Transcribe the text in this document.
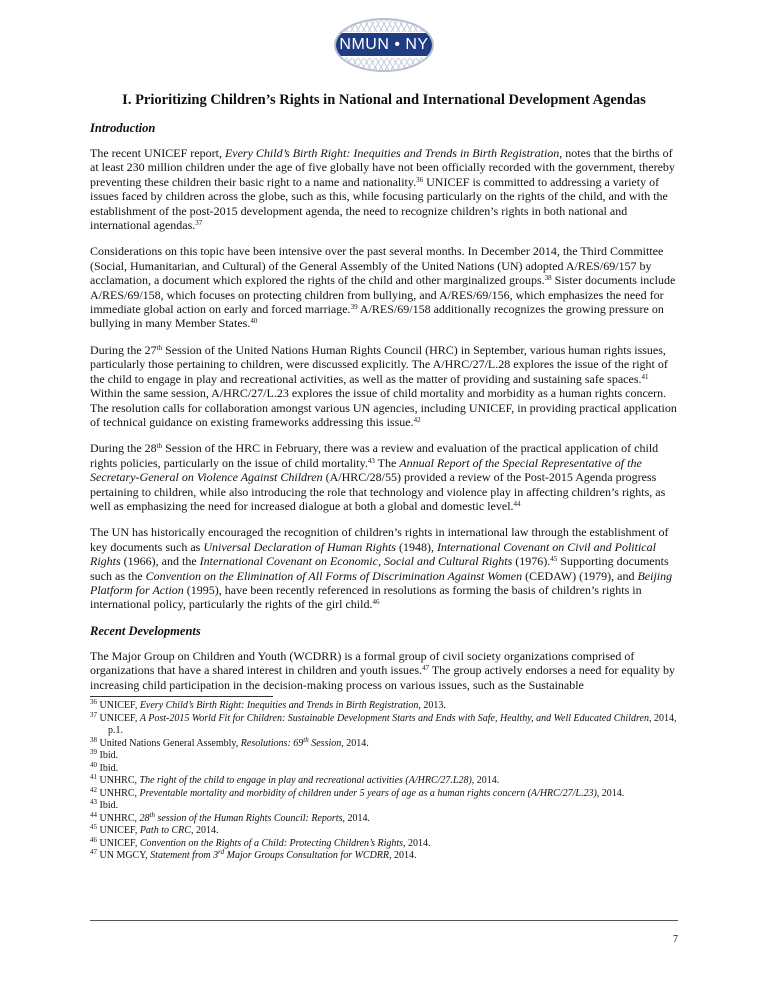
NMUN • NY
I. Prioritizing Children’s Rights in National and International Development Agendas
Introduction

The recent UNICEF report, Every Child’s Birth Right: Inequities and Trends in Birth Registration, notes that the births of at least 230 million children under the age of five globally have not been officially recorded with the government, thereby preventing these children their basic right to a name and nationality.$^{36}$ UNICEF is committed to addressing a variety of issues faced by children across the globe, such as this, while focusing particularly on the rights of the child, and with the establishment of the post-2015 development agenda, the need to recognize children’s rights in both national and international agendas.$^{37}$

Considerations on this topic have been intensive over the past several months. In December 2014, the Third Committee (Social, Humanitarian, and Cultural) of the General Assembly of the United Nations (UN) adopted A/RES/69/157 by acclamation, a document which explored the rights of the child and other marginalized groups.$^{38}$ Sister documents include A/RES/69/158, which focuses on protecting children from bullying, and A/RES/69/156, which emphasizes the need for immediate global action on early and forced marriage.$^{39}$ A/RES/69/158 additionally recognizes the growing pressure on bullying in many Member States.$^{40}$

During the 27th Session of the United Nations Human Rights Council (HRC) in September, various human rights issues, particularly those pertaining to children, were discussed explicitly. The A/HRC/27/L.28 explores the issue of the right of the child to engage in play and recreational activities, as well as the matter of providing and sustaining safe spaces.$^{41}$ Within the same session, A/HRC/27/L.23 explores the issue of child mortality and morbidity as a human rights concern. The resolution calls for collaboration amongst various UN agencies, including UNICEF, in providing practical application of technical guidance on existing frameworks addressing this issue.$^{42}$

During the 28th Session of the HRC in February, there was a review and evaluation of the practical application of child rights policies, particularly on the issue of child mortality.$^{43}$ The Annual Report of the Special Representative of the Secretary-General on Violence Against Children (A/HRC/28/55) provided a review of the Post-2015 Agenda progress pertaining to children, while also introducing the role that technology and violence play in affecting children’s rights, as well as emphasizing the need for increased dialogue at both a global and domestic level.$^{44}$

The UN has historically encouraged the recognition of children’s rights in international law through the establishment of key documents such as Universal Declaration of Human Rights (1948), International Covenant on Civil and Political Rights (1966), and the International Covenant on Economic, Social and Cultural Rights (1976).$^{45}$ Supporting documents such as the Convention on the Elimination of All Forms of Discrimination Against Women (CEDAW) (1979), and Beijing Platform for Action (1995), have been recently referenced in resolutions as forming the basis of children’s rights in international policy, particularly the rights of the girl child.$^{46}$

Recent Developments

The Major Group on Children and Youth (WCDRR) is a formal group of civil society organizations comprised of organizations that have a shared interest in children and youth issues.$^{47}$ The group actively endorses a need for equality by increasing child participation in the decision-making process on various issues, such as the Sustainable

$^{36}$ UNICEF, Every Child’s Birth Right: Inequities and Trends in Birth Registration, 2013.
$^{37}$ UNICEF, A Post-2015 World Fit for Children: Sustainable Development Starts and Ends with Safe, Healthy, and Well Educated Children, 2014, p.1.
$^{38}$ United Nations General Assembly, Resolutions: 69th Session, 2014.
$^{39}$ Ibid.
$^{40}$ Ibid.
$^{41}$ UNHRC, The right of the child to engage in play and recreational activities (A/HRC/27.L28), 2014.
$^{42}$ UNHRC, Preventable mortality and morbidity of children under 5 years of age as a human rights concern (A/HRC/27/L.23), 2014.
$^{43}$ Ibid.
$^{44}$ UNHRC, 28th session of the Human Rights Council: Reports, 2014.
$^{45}$ UNICEF, Path to CRC, 2014.
$^{46}$ UNICEF, Convention on the Rights of a Child: Protecting Children’s Rights, 2014.
$^{47}$ UN MGCY, Statement from 3rd Major Groups Consultation for WCDRR, 2014.
7
